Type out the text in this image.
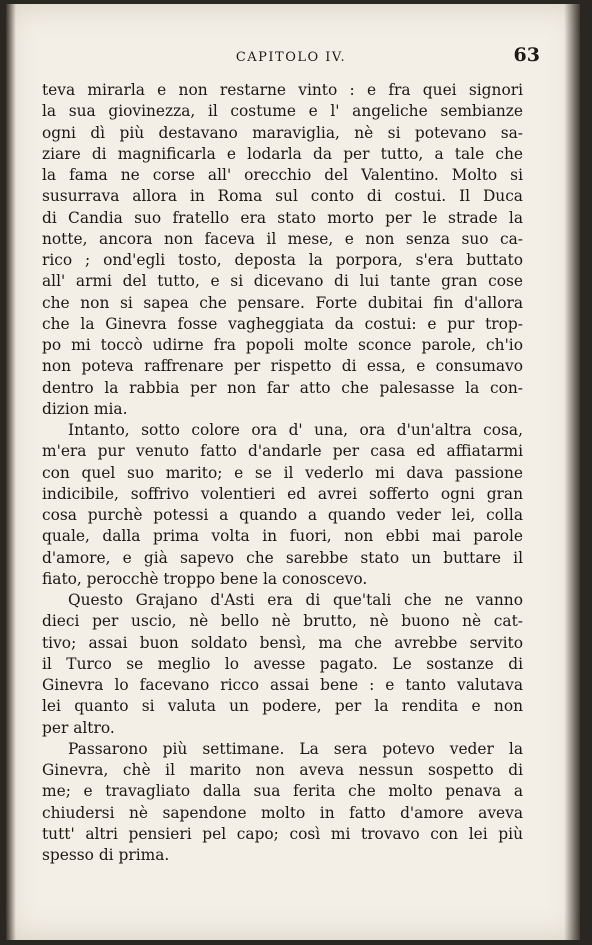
CAPITOLO IV.	63

teva mirarla e non restarne vinto : e fra quei signori

la sua giovinezza, il costume e l' angeliche sembianze

ogni dì più destavano maraviglia, nè si potevano sa-

ziare di magnificarla e lodarla da per tutto, a tale che

la fama ne corse all' orecchio del Valentino. Molto si

susurrava allora in Roma sul conto di costui. Il Duca

di Candia suo fratello era stato morto per le strade la

notte, ancora non faceva il mese, e non senza suo ca-

rico ; ond'egli tosto, deposta la porpora, s'era buttato

all' armi del tutto, e si dicevano di lui tante gran cose

che non si sapea che pensare. Forte dubitai fin d'allora

che la Ginevra fosse vagheggiata da costui: e pur trop-

po mi toccò udirne fra popoli molte sconce parole, ch'io

non poteva raffrenare per rispetto di essa, e consumavo

dentro la rabbia per non far atto che palesasse la con-

dizion mia.

Intanto, sotto colore ora d' una, ora d'un'altra cosa,

m'era pur venuto fatto d'andarle per casa ed affiatarmi

con quel suo marito; e se il vederlo mi dava passione

indicibile, soffrivo volentieri ed avrei sofferto ogni gran

cosa purchè potessi a quando a quando veder lei, colla

quale, dalla prima volta in fuori, non ebbi mai parole

d'amore, e già sapevo che sarebbe stato un buttare il

fiato, perocchè troppo bene la conoscevo.

Questo Grajano d'Asti era di que'tali che ne vanno

dieci per uscio, nè bello nè brutto, nè buono nè cat-

tivo; assai buon soldato bensì, ma che avrebbe servito

il Turco se meglio lo avesse pagato. Le sostanze di

Ginevra lo facevano ricco assai bene : e tanto valutava

lei quanto si valuta un podere, per la rendita e non

per altro.

Passarono più settimane. La sera potevo veder la

Ginevra, chè il marito non aveva nessun sospetto di

me; e travagliato dalla sua ferita che molto penava a

chiudersi nè sapendone molto in fatto d'amore aveva

tutt' altri pensieri pel capo; così mi trovavo con lei più

spesso di prima.
